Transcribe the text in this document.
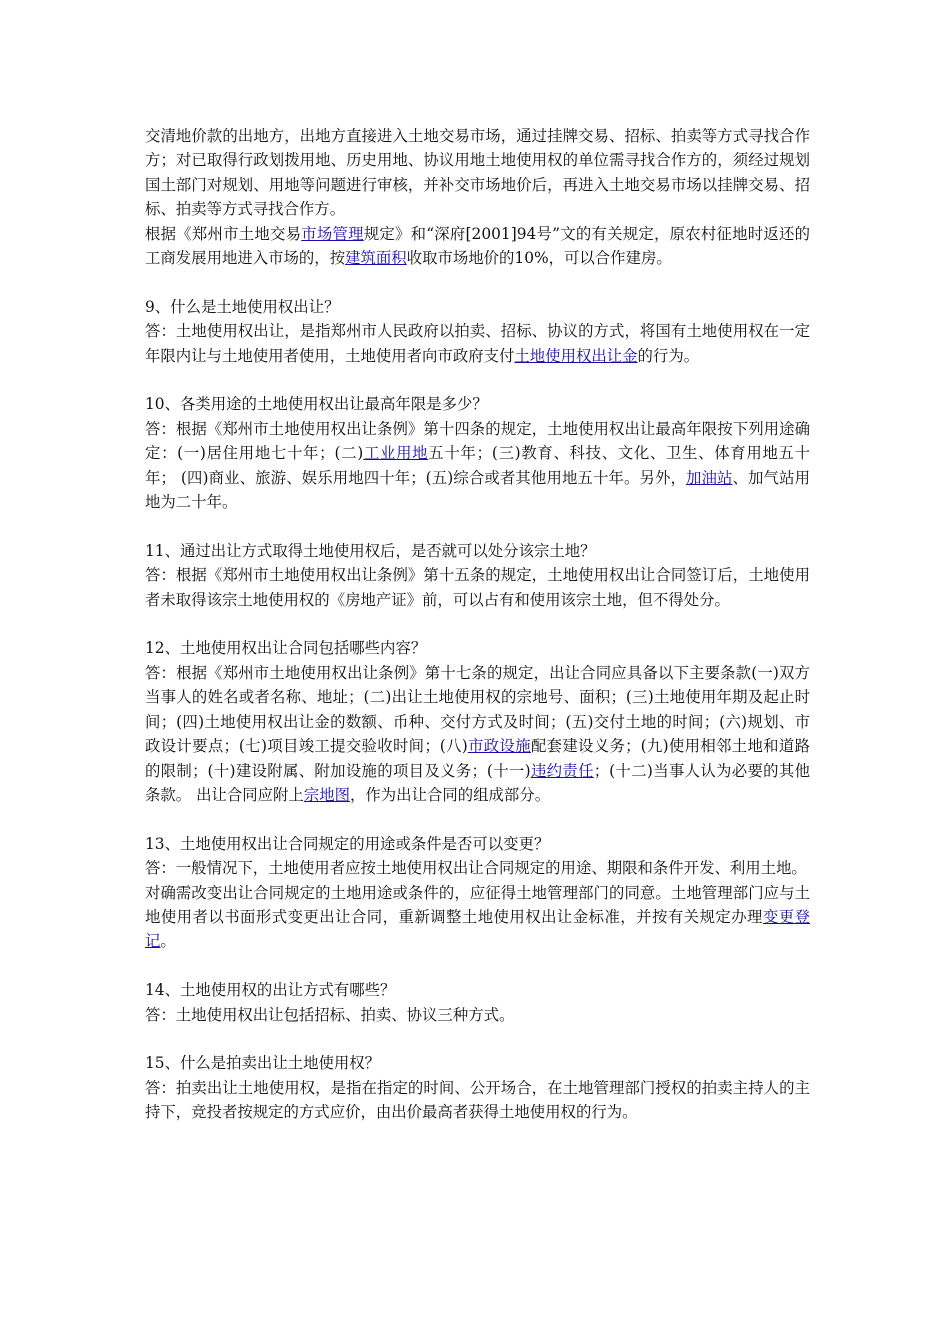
交清地价款的出地方，出地方直接进入土地交易市场，通过挂牌交易、招标、拍卖等方式寻找合作方；对已取得行政划拨用地、历史用地、协议用地土地使用权的单位需寻找合作方的，须经过规划国土部门对规划、用地等问题进行审核，并补交市场地价后，再进入土地交易市场以挂牌交易、招标、拍卖等方式寻找合作方。

根据《郑州市土地交易市场管理规定》和“深府[2001]94号”文的有关规定，原农村征地时返还的工商发展用地进入市场的，按建筑面积收取市场地价的10%，可以合作建房。

9、什么是土地使用权出让？

答：土地使用权出让，是指郑州市人民政府以拍卖、招标、协议的方式，将国有土地使用权在一定年限内让与土地使用者使用，土地使用者向市政府支付土地使用权出让金的行为。

10、各类用途的土地使用权出让最高年限是多少？

答：根据《郑州市土地使用权出让条例》第十四条的规定，土地使用权出让最高年限按下列用途确定：(一)居住用地七十年；(二)工业用地五十年；(三)教育、科技、文化、卫生、体育用地五十年； (四)商业、旅游、娱乐用地四十年；(五)综合或者其他用地五十年。另外，加油站、加气站用地为二十年。

11、通过出让方式取得土地使用权后，是否就可以处分该宗土地？

答：根据《郑州市土地使用权出让条例》第十五条的规定，土地使用权出让合同签订后，土地使用者未取得该宗土地使用权的《房地产证》前，可以占有和使用该宗土地，但不得处分。

12、土地使用权出让合同包括哪些内容？

答：根据《郑州市土地使用权出让条例》第十七条的规定，出让合同应具备以下主要条款(一)双方当事人的姓名或者名称、地址；(二)出让土地使用权的宗地号、面积；(三)土地使用年期及起止时间；(四)土地使用权出让金的数额、币种、交付方式及时间；(五)交付土地的时间；(六)规划、市政设计要点；(七)项目竣工提交验收时间；(八)市政设施配套建设义务；(九)使用相邻土地和道路的限制；(十)建设附属、附加设施的项目及义务；(十一)违约责任；(十二)当事人认为必要的其他条款。 出让合同应附上宗地图，作为出让合同的组成部分。

13、土地使用权出让合同规定的用途或条件是否可以变更？

答：一般情况下，土地使用者应按土地使用权出让合同规定的用途、期限和条件开发、利用土地。

对确需改变出让合同规定的土地用途或条件的，应征得土地管理部门的同意。土地管理部门应与土地使用者以书面形式变更出让合同，重新调整土地使用权出让金标准，并按有关规定办理变更登记。

14、土地使用权的出让方式有哪些？

答：土地使用权出让包括招标、拍卖、协议三种方式。

15、什么是拍卖出让土地使用权？

答：拍卖出让土地使用权，是指在指定的时间、公开场合，在土地管理部门授权的拍卖主持人的主持下，竞投者按规定的方式应价，由出价最高者获得土地使用权的行为。
